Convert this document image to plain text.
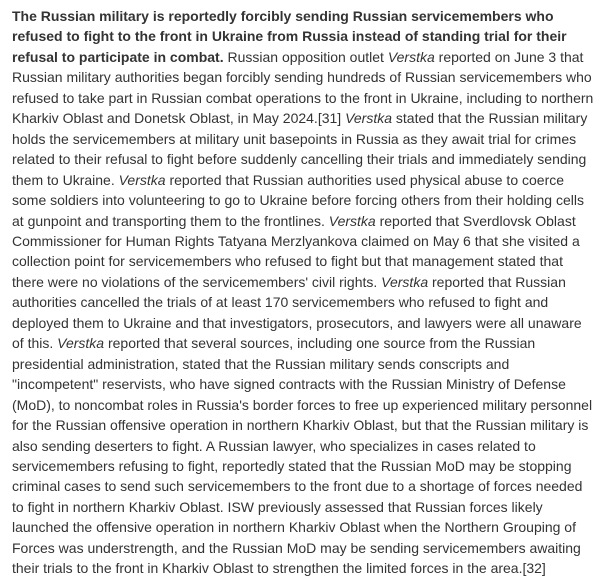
The Russian military is reportedly forcibly sending Russian servicemembers who refused to fight to the front in Ukraine from Russia instead of standing trial for their refusal to participate in combat. Russian opposition outlet Verstka reported on June 3 that Russian military authorities began forcibly sending hundreds of Russian servicemembers who refused to take part in Russian combat operations to the front in Ukraine, including to northern Kharkiv Oblast and Donetsk Oblast, in May 2024.[31] Verstka stated that the Russian military holds the servicemembers at military unit basepoints in Russia as they await trial for crimes related to their refusal to fight before suddenly cancelling their trials and immediately sending them to Ukraine. Verstka reported that Russian authorities used physical abuse to coerce some soldiers into volunteering to go to Ukraine before forcing others from their holding cells at gunpoint and transporting them to the frontlines. Verstka reported that Sverdlovsk Oblast Commissioner for Human Rights Tatyana Merzlyankova claimed on May 6 that she visited a collection point for servicemembers who refused to fight but that management stated that there were no violations of the servicemembers' civil rights. Verstka reported that Russian authorities cancelled the trials of at least 170 servicemembers who refused to fight and deployed them to Ukraine and that investigators, prosecutors, and lawyers were all unaware of this. Verstka reported that several sources, including one source from the Russian presidential administration, stated that the Russian military sends conscripts and "incompetent" reservists, who have signed contracts with the Russian Ministry of Defense (MoD), to noncombat roles in Russia's border forces to free up experienced military personnel for the Russian offensive operation in northern Kharkiv Oblast, but that the Russian military is also sending deserters to fight. A Russian lawyer, who specializes in cases related to servicemembers refusing to fight, reportedly stated that the Russian MoD may be stopping criminal cases to send such servicemembers to the front due to a shortage of forces needed to fight in northern Kharkiv Oblast. ISW previously assessed that Russian forces likely launched the offensive operation in northern Kharkiv Oblast when the Northern Grouping of Forces was understrength, and the Russian MoD may be sending servicemembers awaiting their trials to the front in Kharkiv Oblast to strengthen the limited forces in the area.[32]
